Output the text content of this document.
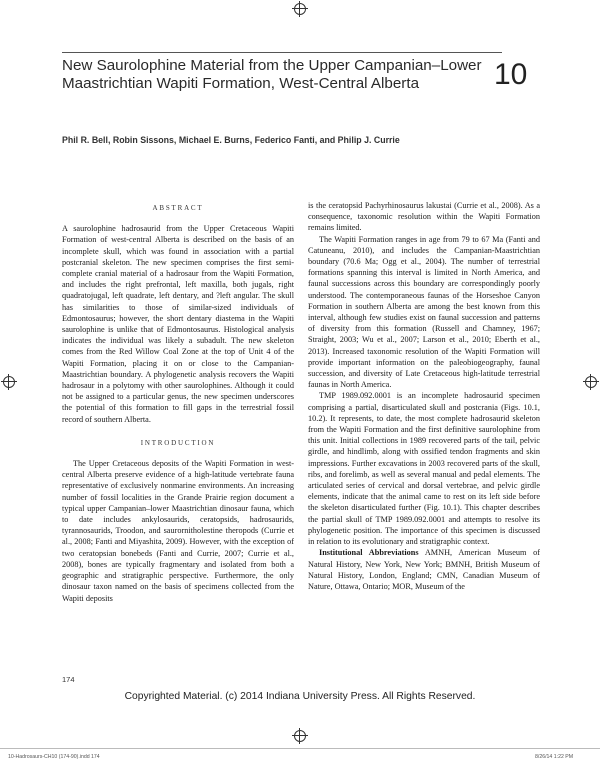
New Saurolophine Material from the Upper Campanian–Lower Maastrichtian Wapiti Formation, West-Central Alberta	10
Phil R. Bell, Robin Sissons, Michael E. Burns, Federico Fanti, and Philip J. Currie
ABSTRACT

A saurolophine hadrosaurid from the Upper Cretaceous Wapiti Formation of west-central Alberta is described on the basis of an incomplete skull, which was found in association with a partial postcranial skeleton. The new specimen comprises the first semi-complete cranial material of a hadrosaur from the Wapiti Formation, and includes the right prefrontal, left maxilla, both jugals, right quadratojugal, left quadrate, left dentary, and ?left angular. The skull has similarities to those of similar-sized individuals of Edmontosaurus; however, the short dentary diastema in the Wapiti saurolophine is unlike that of Edmontosaurus. Histological analysis indicates the individual was likely a subadult. The new skeleton comes from the Red Willow Coal Zone at the top of Unit 4 of the Wapiti Formation, placing it on or close to the Campanian-Maastrichtian boundary. A phylogenetic analysis recovers the Wapiti hadrosaur in a polytomy with other saurolophines. Although it could not be assigned to a particular genus, the new specimen underscores the potential of this formation to fill gaps in the terrestrial fossil record of southern Alberta.

INTRODUCTION

The Upper Cretaceous deposits of the Wapiti Formation in west-central Alberta preserve evidence of a high-latitude vertebrate fauna representative of exclusively nonmarine environments. An increasing number of fossil localities in the Grande Prairie region document a typical upper Campanian–lower Maastrichtian dinosaur fauna, which to date includes ankylosaurids, ceratopsids, hadrosaurids, tyrannosaurids, Troodon, and saurornitholestine theropods (Currie et al., 2008; Fanti and Miyashita, 2009). However, with the exception of two ceratopsian bonebeds (Fanti and Currie, 2007; Currie et al., 2008), bones are typically fragmentary and isolated from both a geographic and stratigraphic perspective. Furthermore, the only dinosaur taxon named on the basis of specimens collected from the Wapiti deposits

is the ceratopsid Pachyrhinosaurus lakustai (Currie et al., 2008). As a consequence, taxonomic resolution within the Wapiti Formation remains limited.

The Wapiti Formation ranges in age from 79 to 67 Ma (Fanti and Catuneanu, 2010), and includes the Campanian-Maastrichtian boundary (70.6 Ma; Ogg et al., 2004). The number of terrestrial formations spanning this interval is limited in North America, and faunal successions across this boundary are correspondingly poorly understood. The contemporaneous faunas of the Horseshoe Canyon Formation in southern Alberta are among the best known from this interval, although few studies exist on faunal succession and patterns of diversity from this formation (Russell and Chamney, 1967; Straight, 2003; Wu et al., 2007; Larson et al., 2010; Eberth et al., 2013). Increased taxonomic resolution of the Wapiti Formation will provide important information on the paleobiogeography, faunal succession, and diversity of Late Cretaceous high-latitude terrestrial faunas in North America.

TMP 1989.092.0001 is an incomplete hadrosaurid specimen comprising a partial, disarticulated skull and postcrania (Figs. 10.1, 10.2). It represents, to date, the most complete hadrosaurid skeleton from the Wapiti Formation and the first definitive saurolophine from this unit. Initial collections in 1989 recovered parts of the tail, pelvic girdle, and hindlimb, along with ossified tendon fragments and skin impressions. Further excavations in 2003 recovered parts of the skull, ribs, and forelimb, as well as several manual and pedal elements. The articulated series of cervical and dorsal vertebrae, and pelvic girdle elements, indicate that the animal came to rest on its left side before the skeleton disarticulated further (Fig. 10.1). This chapter describes the partial skull of TMP 1989.092.0001 and attempts to resolve its phylogenetic position. The importance of this specimen is discussed in relation to its evolutionary and stratigraphic context.

Institutional Abbreviations AMNH, American Museum of Natural History, New York, New York; BMNH, British Museum of Natural History, London, England; CMN, Canadian Museum of Nature, Ottawa, Ontario; MOR, Museum of the

174
Copyrighted Material. (c) 2014 Indiana University Press. All Rights Reserved.
10-Hadrosaurs-CH10 (174-90).indd 174	8/26/14 1:22 PM
